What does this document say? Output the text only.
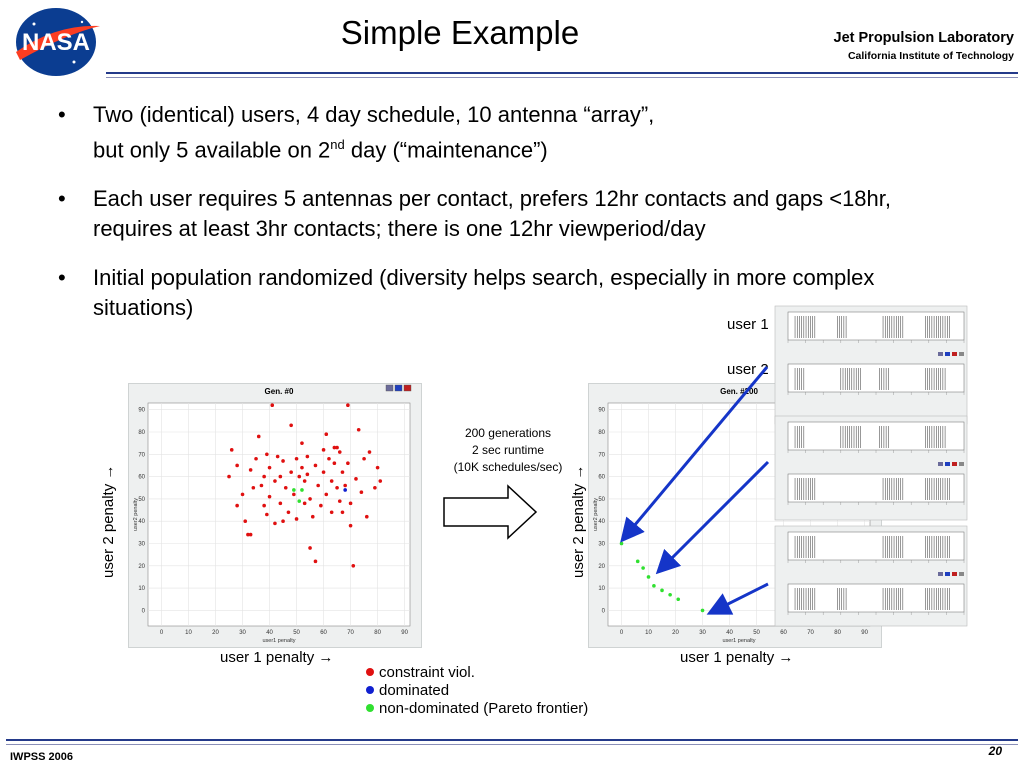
NASA	Simple Example	Jet Propulsion Laboratory
California Institute of Technology
• Two (identical) users, 4 day schedule, 10 antenna “array”,
but only 5 available on 2nd day (“maintenance”)
• Each user requires 5 antennas per contact, prefers 12hr contacts and gaps <18hr, requires at least 3hr contacts; there is one 12hr viewperiod/day
• Initial population randomized (diversity helps search, especially in more complex situations)
Gen. #0
0	10	20	30	40	50	60	70	80	90
0
10
20
30
40
50
60
70
80
90
user1 penalty
user2 penalty
Gen. #200
0	10	20	30	40	50	60	70	80	90
0
10
20
30
40
50
60
70
80
90
user1 penalty
user2 penalty
user 2 penalty →	user 2 penalty →
user 1 penalty →	user 1 penalty →
200 generations
2 sec runtime
(10K schedules/sec)
user 1
user 2
constraint viol.
dominated
non-dominated (Pareto frontier)
IWPSS 2006	20
